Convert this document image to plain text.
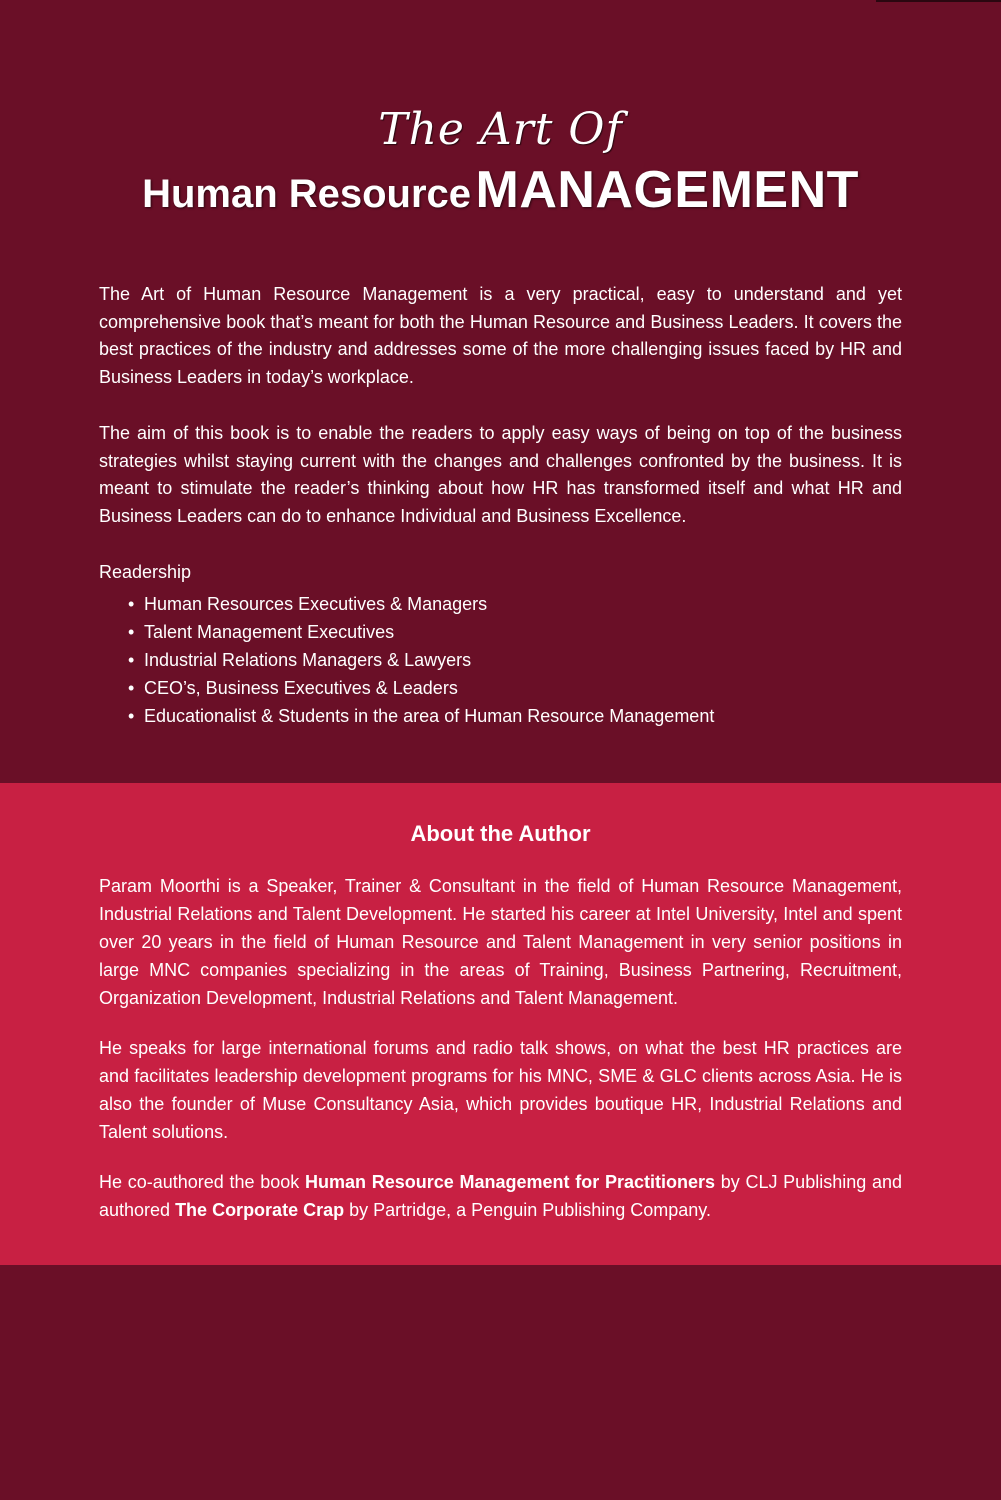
The Art Of
Human Resource MANAGEMENT

The Art of Human Resource Management is a very practical, easy to understand and yet comprehensive book that’s meant for both the Human Resource and Business Leaders. It covers the best practices of the industry and addresses some of the more challenging issues faced by HR and Business Leaders in today’s workplace.

The aim of this book is to enable the readers to apply easy ways of being on top of the business strategies whilst staying current with the changes and challenges confronted by the business. It is meant to stimulate the reader’s thinking about how HR has transformed itself and what HR and Business Leaders can do to enhance Individual and Business Excellence.

Readership
• Human Resources Executives & Managers
• Talent Management Executives
• Industrial Relations Managers & Lawyers
• CEO’s, Business Executives & Leaders
• Educationalist & Students in the area of Human Resource Management
About the Author

Param Moorthi is a Speaker, Trainer & Consultant in the field of Human Resource Management, Industrial Relations and Talent Development. He started his career at Intel University, Intel and spent over 20 years in the field of Human Resource and Talent Management in very senior positions in large MNC companies specializing in the areas of Training, Business Partnering, Recruitment, Organization Development, Industrial Relations and Talent Management.

He speaks for large international forums and radio talk shows, on what the best HR practices are and facilitates leadership development programs for his MNC, SME & GLC clients across Asia. He is also the founder of Muse Consultancy Asia, which provides boutique HR, Industrial Relations and Talent solutions.

He co-authored the book Human Resource Management for Practitioners by CLJ Publishing and authored The Corporate Crap by Partridge, a Penguin Publishing Company.
